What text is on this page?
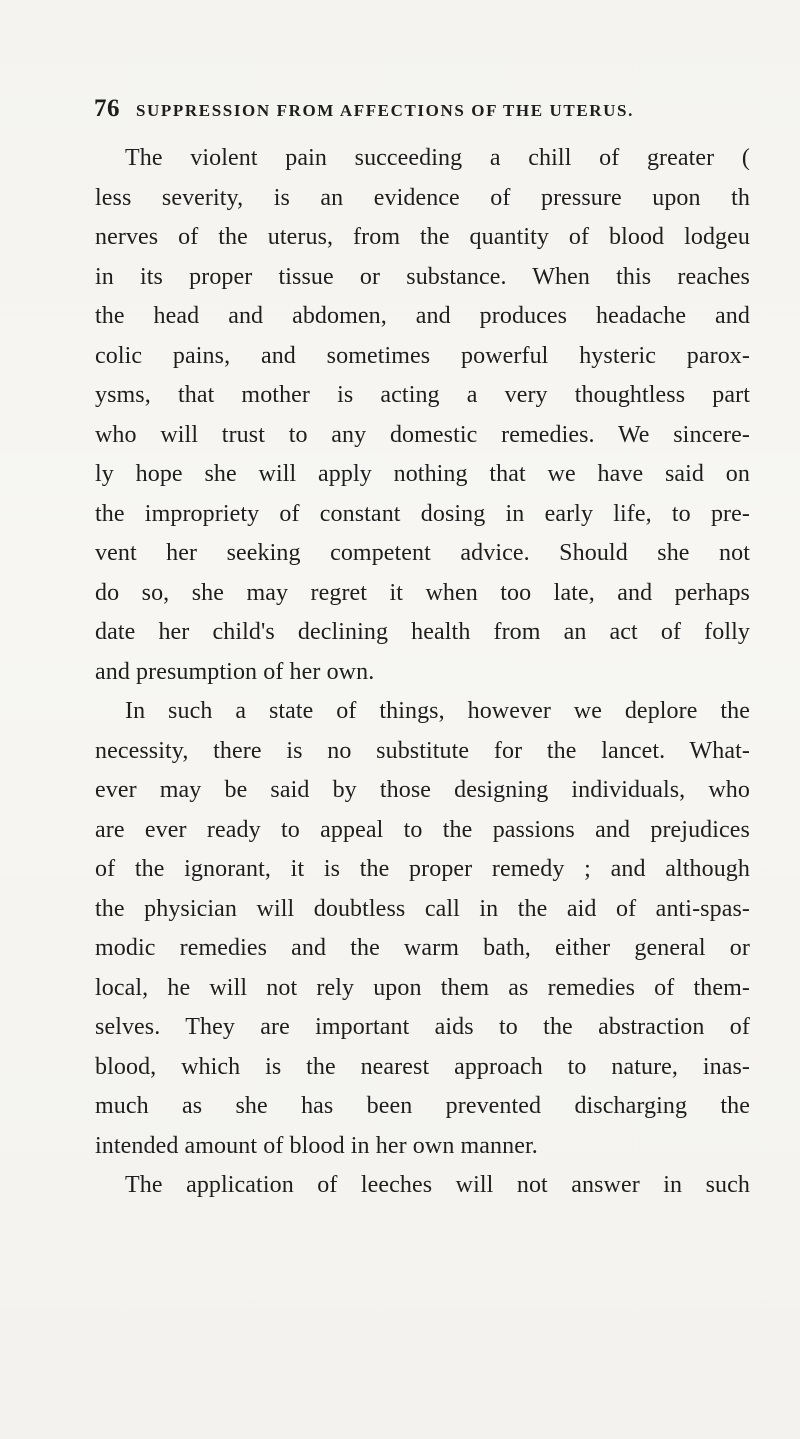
76 SUPPRESSION FROM AFFECTIONS OF THE UTERUS.
The violent pain succeeding a chill of greater (
less severity, is an evidence of pressure upon th
nerves of the uterus, from the quantity of blood lodgeu
in its proper tissue or substance. When this reaches
the head and abdomen, and produces headache and
colic pains, and sometimes powerful hysteric parox-
ysms, that mother is acting a very thoughtless part
who will trust to any domestic remedies. We sincere-
ly hope she will apply nothing that we have said on
the impropriety of constant dosing in early life, to pre-
vent her seeking competent advice. Should she not
do so, she may regret it when too late, and perhaps
date her child's declining health from an act of folly
and presumption of her own.
In such a state of things, however we deplore the
necessity, there is no substitute for the lancet. What-
ever may be said by those designing individuals, who
are ever ready to appeal to the passions and prejudices
of the ignorant, it is the proper remedy ; and although
the physician will doubtless call in the aid of anti-spas-
modic remedies and the warm bath, either general or
local, he will not rely upon them as remedies of them-
selves. They are important aids to the abstraction of
blood, which is the nearest approach to nature, inas-
much as she has been prevented discharging the
intended amount of blood in her own manner.
The application of leeches will not answer in such
